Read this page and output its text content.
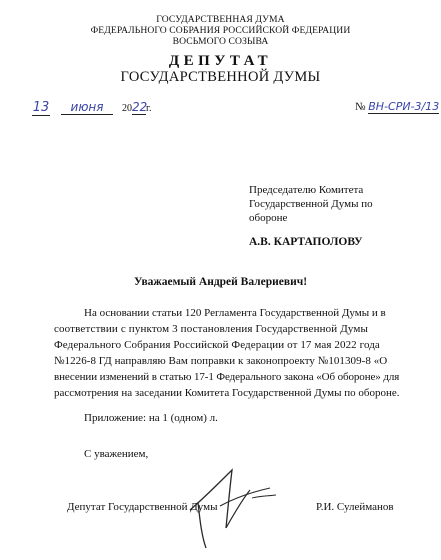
ГОСУДАРСТВЕННАЯ ДУМА
ФЕДЕРАЛЬНОГО СОБРАНИЯ РОССИЙСКОЙ ФЕДЕРАЦИИ
ВОСЬМОГО СОЗЫВА
ДЕПУТАТ
ГОСУДАРСТВЕННОЙ ДУМЫ
13 июня 2022г.	№ ВН-СРИ-3/13
Председателю Комитета
Государственной Думы по
обороне
А.В. КАРТАПОЛОВУ
Уважаемый Андрей Валериевич!
На основании статьи 120 Регламента Государственной Думы и в
соответствии с пунктом 3 постановления Государственной Думы
Федерального Собрания Российской Федерации от 17 мая 2022 года
№1226-8 ГД направляю Вам поправки к законопроекту №101309-8 «О
внесении изменений в статью 17-1 Федерального закона «Об обороне» для
рассмотрения на заседании Комитета Государственной Думы по обороне.
Приложение: на 1 (одном) л.
С уважением,
Депутат Государственной Думы	Р.И. Сулейманов
